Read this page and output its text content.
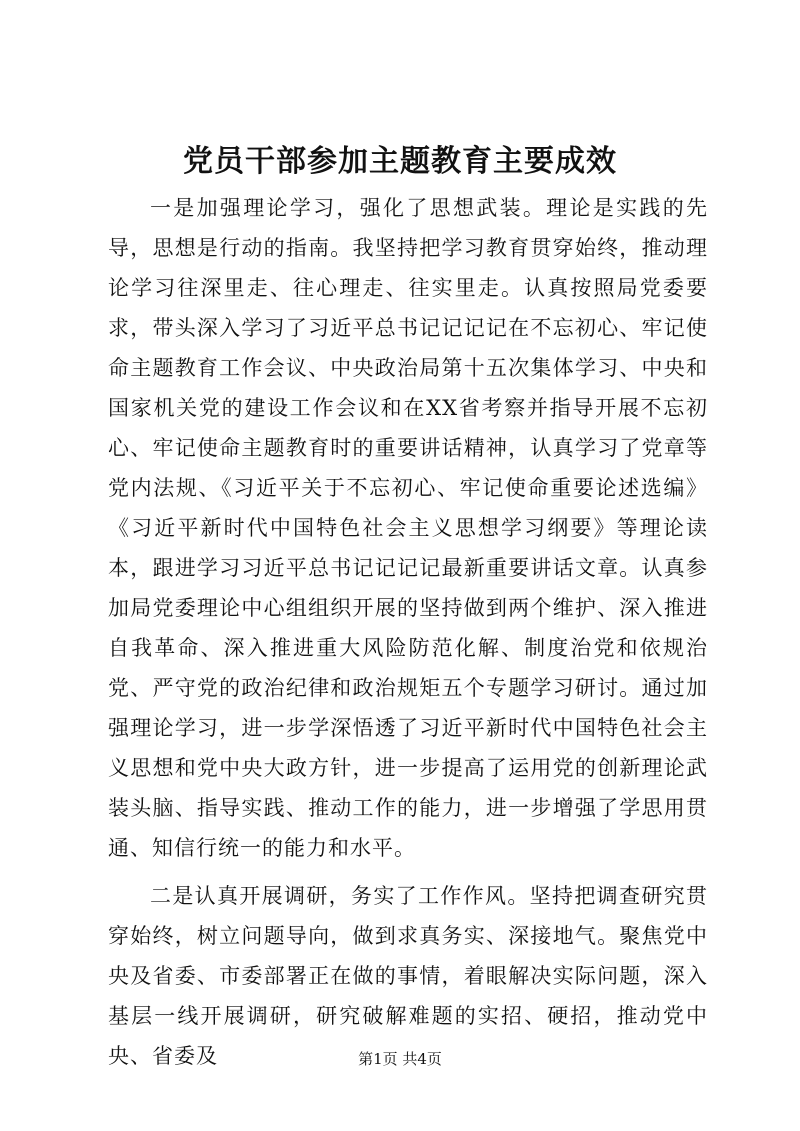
党员干部参加主题教育主要成效

一是加强理论学习，强化了思想武装。理论是实践的先导，思想是行动的指南。我坚持把学习教育贯穿始终，推动理论学习往深里走、往心理走、往实里走。认真按照局党委要求，带头深入学习了习近平总书记记记记在不忘初心、牢记使命主题教育工作会议、中央政治局第十五次集体学习、中央和国家机关党的建设工作会议和在XX省考察并指导开展不忘初心、牢记使命主题教育时的重要讲话精神，认真学习了党章等党内法规、《习近平关于不忘初心、牢记使命重要论述选编》《习近平新时代中国特色社会主义思想学习纲要》等理论读本，跟进学习习近平总书记记记记最新重要讲话文章。认真参加局党委理论中心组组织开展的坚持做到两个维护、深入推进自我革命、深入推进重大风险防范化解、制度治党和依规治党、严守党的政治纪律和政治规矩五个专题学习研讨。通过加强理论学习，进一步学深悟透了习近平新时代中国特色社会主义思想和党中央大政方针，进一步提高了运用党的创新理论武装头脑、指导实践、推动工作的能力，进一步增强了学思用贯通、知信行统一的能力和水平。

二是认真开展调研，务实了工作作风。坚持把调查研究贯穿始终，树立问题导向，做到求真务实、深接地气。聚焦党中央及省委、市委部署正在做的事情，着眼解决实际问题，深入基层一线开展调研，研究破解难题的实招、硬招，推动党中央、省委及	第1页 共4页
